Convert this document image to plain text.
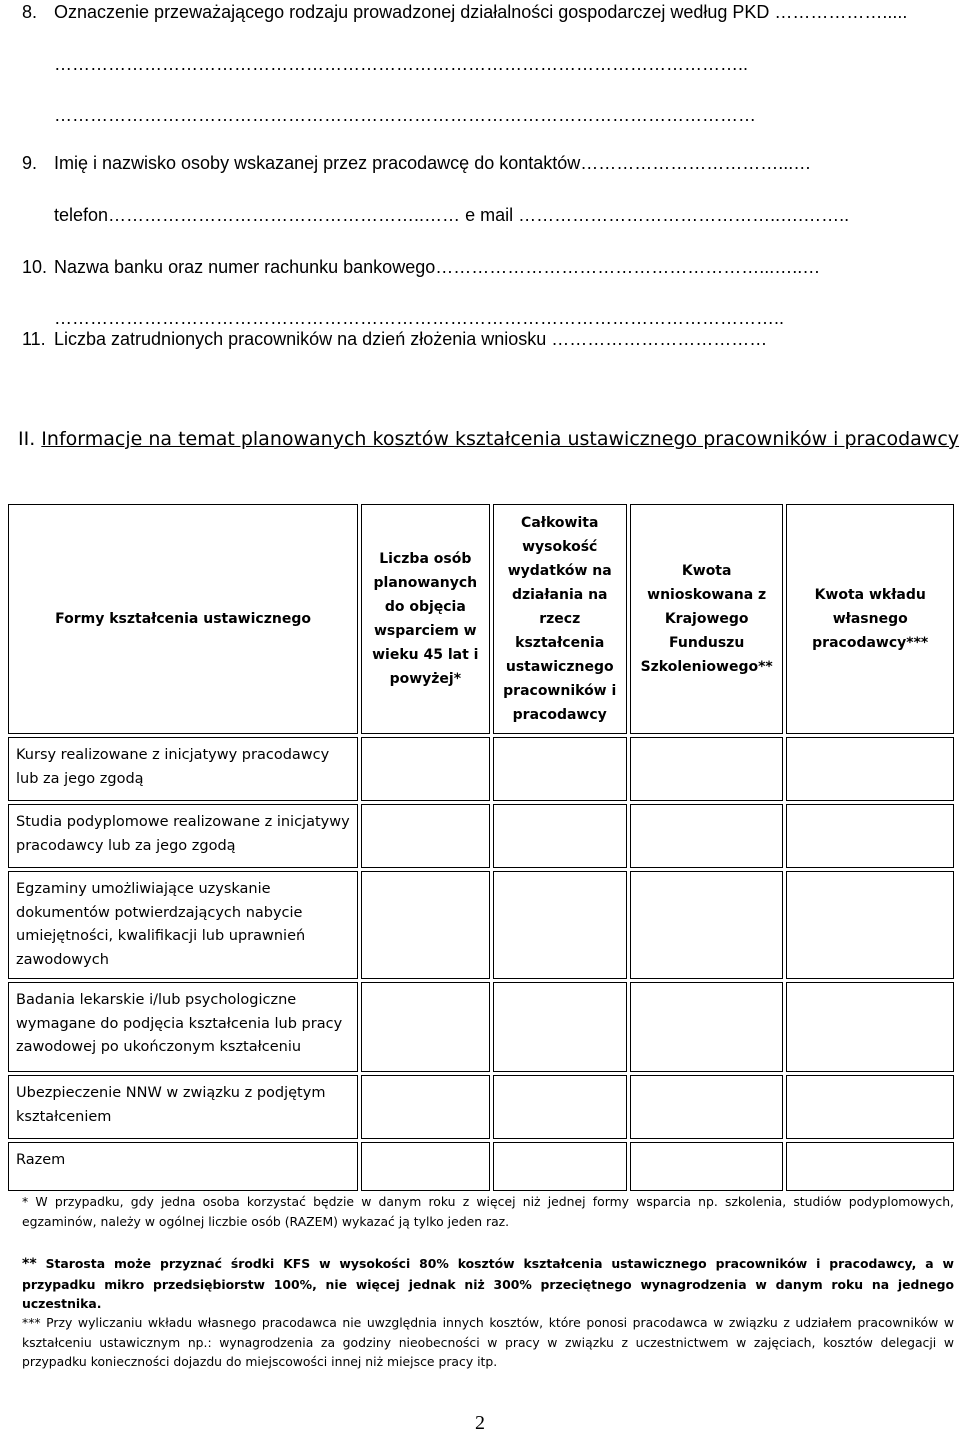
8. Oznaczenie przeważającego rodzaju prowadzonej działalności gospodarczej według PKD ……………….....
……………………………………………………………………………………………………..
………………………………………………………………………………………………………
9. Imię i nazwisko osoby wskazanej przez pracodawcę do kontaktów……………………………...…
telefon……………………………………………..…… e mail ……………………………………..….……..
10. Nazwa banku oraz numer rachunku bankowego………………………………………………...…..…
…………………………………………………………………………………………………………..
11. Liczba zatrudnionych pracowników na dzień złożenia wniosku ………………………………
II. Informacje na temat planowanych kosztów kształcenia ustawicznego pracowników i pracodawcy
Formy kształcenia ustawicznego	Liczba osób planowanych do objęcia wsparciem w wieku 45 lat i powyżej*	Całkowita wysokość wydatków na działania na rzecz kształcenia ustawicznego pracowników i pracodawcy	Kwota wnioskowana z Krajowego Funduszu Szkoleniowego**	Kwota wkładu własnego pracodawcy***
Kursy realizowane z inicjatywy pracodawcy lub za jego zgodą				
Studia podyplomowe realizowane z inicjatywy pracodawcy lub za jego zgodą				
Egzaminy umożliwiające uzyskanie dokumentów potwierdzających nabycie umiejętności, kwalifikacji lub uprawnień zawodowych				
Badania lekarskie i/lub psychologiczne wymagane do podjęcia kształcenia lub pracy zawodowej po ukończonym kształceniu				
Ubezpieczenie NNW w związku z podjętym kształceniem				
Razem				
* W przypadku, gdy jedna osoba korzystać będzie w danym roku z więcej niż jednej formy wsparcia np. szkolenia, studiów podyplomowych, egzaminów, należy w ogólnej liczbie osób (RAZEM) wykazać ją tylko jeden raz.
** Starosta może przyznać środki KFS w wysokości 80% kosztów kształcenia ustawicznego pracowników i pracodawcy, a w przypadku mikro przedsiębiorstw 100%, nie więcej jednak niż 300% przeciętnego wynagrodzenia w danym roku na jednego uczestnika.
*** Przy wyliczaniu wkładu własnego pracodawca nie uwzględnia innych kosztów, które ponosi pracodawca w związku z udziałem pracowników w kształceniu ustawicznym np.: wynagrodzenia za godziny nieobecności w pracy w związku z uczestnictwem w zajęciach, kosztów delegacji w przypadku konieczności dojazdu do miejscowości innej niż miejsce pracy itp.
2
